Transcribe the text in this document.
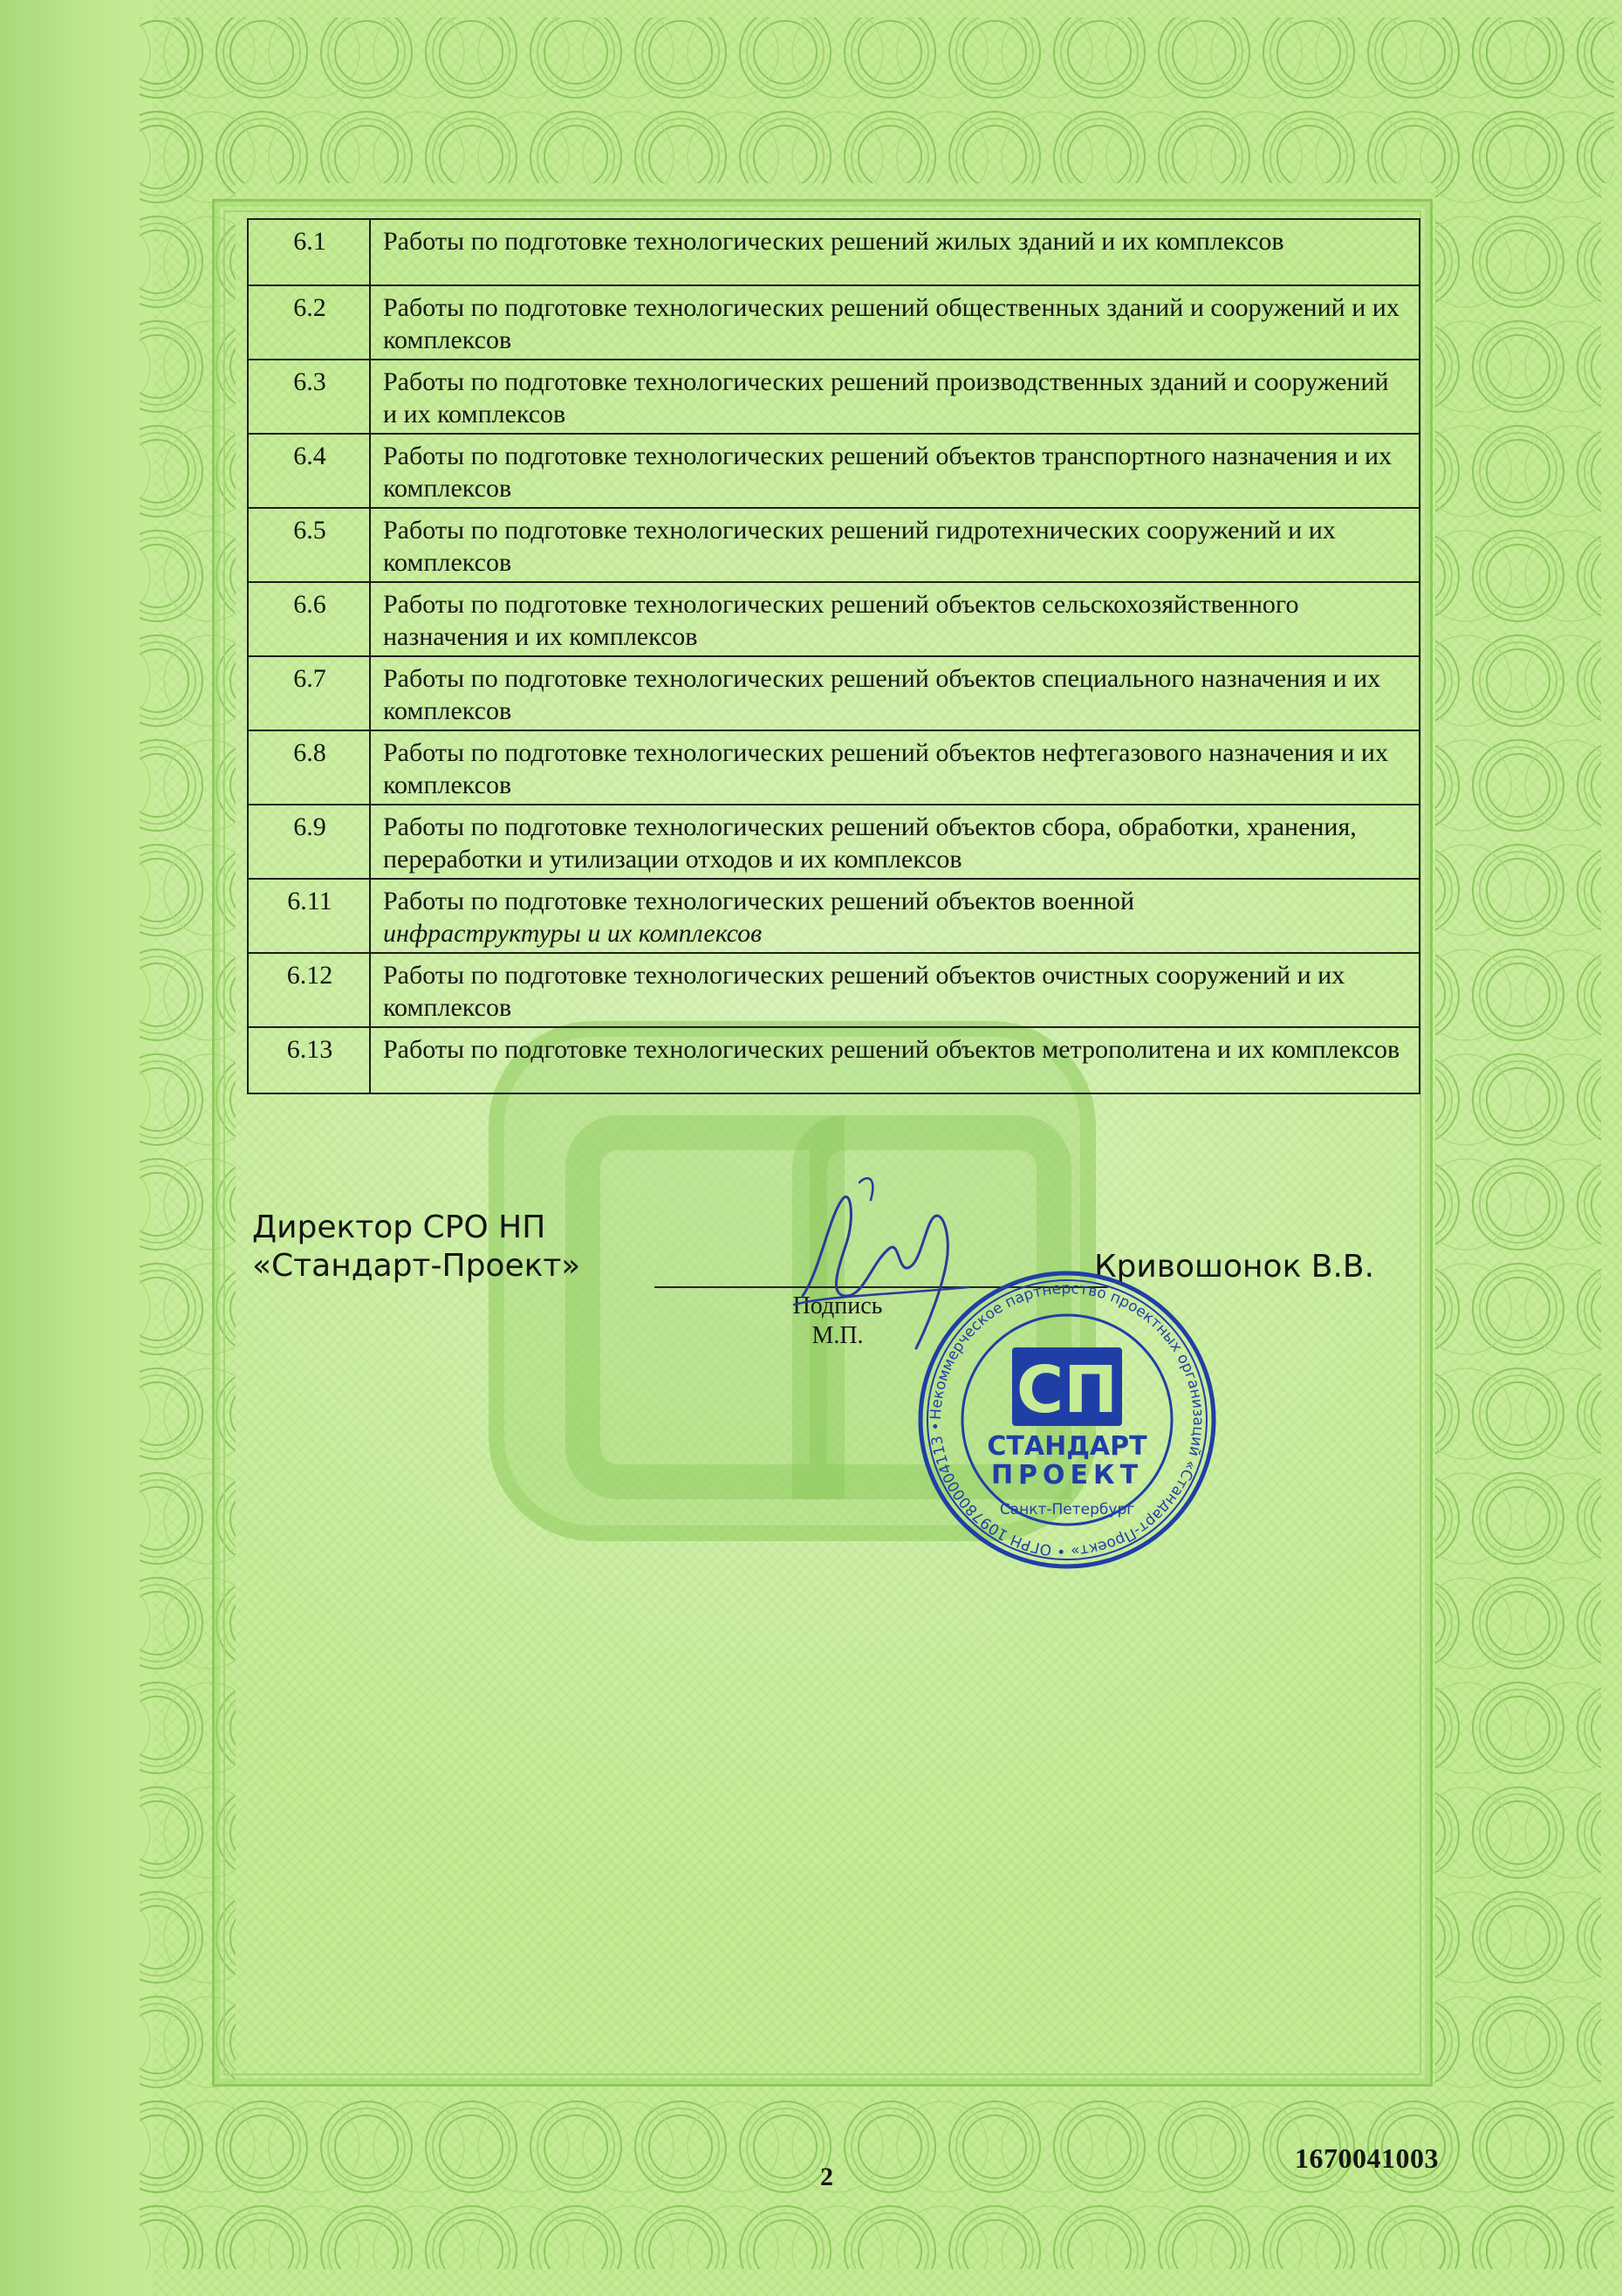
6.1	Работы по подготовке технологических решений жилых зданий и их комплексов
6.2	Работы по подготовке технологических решений общественных зданий и сооружений и их комплексов
6.3	Работы по подготовке технологических решений производственных зданий и сооружений и их комплексов
6.4	Работы по подготовке технологических решений объектов транспортного назначения и их комплексов
6.5	Работы по подготовке технологических решений гидротехнических сооружений и их комплексов
6.6	Работы по подготовке технологических решений объектов сельскохозяйственного назначения и их комплексов
6.7	Работы по подготовке технологических решений объектов специального назначения и их комплексов
6.8	Работы по подготовке технологических решений объектов нефтегазового назначения и их комплексов
6.9	Работы по подготовке технологических решений объектов сбора, обработки, хранения, переработки и утилизации отходов и их комплексов
6.11	Работы по подготовке технологических решений объектов военной
инфраструктуры и их комплексов
6.12	Работы по подготовке технологических решений объектов очистных сооружений и их комплексов
6.13	Работы по подготовке технологических решений объектов метрополитена и их комплексов
Директор СРО НП
«Стандарт-Проект»
Подпись
М.П.
Кривошонок В.В.
Некоммерческое партнерство проектных организаций «Стандарт-Проект» • ОГРН 1097800004113 •	СП
СТАНДАРТ
ПРОЕКТ
Санкт-Петербург
2
1670041003
